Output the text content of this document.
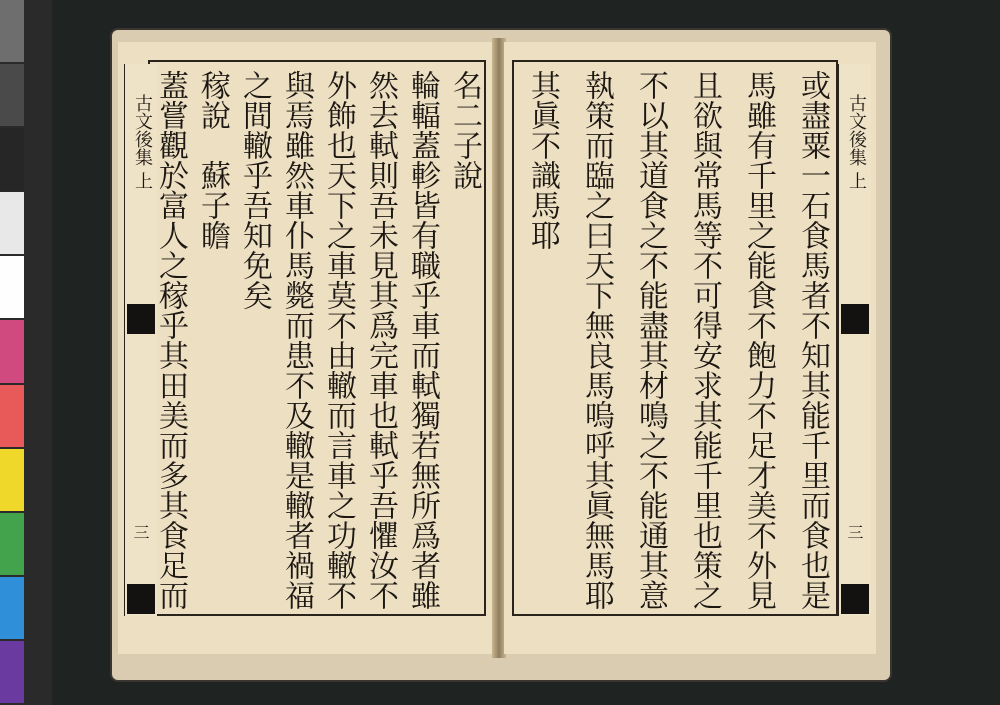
古文後集 上
三
名二子說
輪輻蓋軫皆有職乎車而軾獨若無所爲者雖
然去軾則吾未見其爲完車也軾乎吾懼汝不
外飾也天下之車莫不由轍而言車之功轍不
與焉雖然車仆馬斃而患不及轍是轍者禍福
之間轍乎吾知免矣
稼說　蘇子瞻
蓋嘗觀於富人之稼乎其田美而多其食足而	古文後集 上
三
或盡粟一石食馬者不知其能千里而食也是
馬雖有千里之能食不飽力不足才美不外見
且欲與常馬等不可得安求其能千里也策之
不以其道食之不能盡其材鳴之不能通其意
執策而臨之曰天下無良馬嗚呼其眞無馬耶
其眞不識馬耶
